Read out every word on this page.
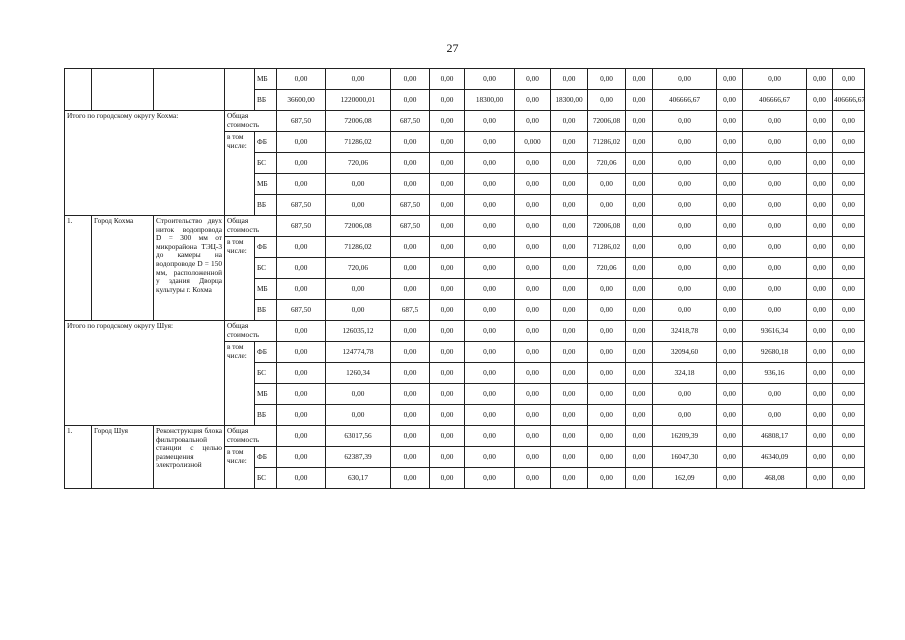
27
				МБ	0,00	0,00	0,00	0,00	0,00	0,00	0,00	0,00	0,00	0,00	0,00	0,00	0,00	0,00
				ВБ	36600,00	1220000,01	0,00	0,00	18300,00	0,00	18300,00	0,00	0,00	406666,67	0,00	406666,67	0,00	406666,67
Итого по городскому округу Кохма:			Общая стоимость		687,50	72006,08	687,50	0,00	0,00	0,00	0,00	72006,08	0,00	0,00	0,00	0,00	0,00	0,00
			в том числе:	ФБ	0,00	71286,02	0,00	0,00	0,00	0,000	0,00	71286,02	0,00	0,00	0,00	0,00	0,00	0,00
				БС	0,00	720,06	0,00	0,00	0,00	0,00	0,00	720,06	0,00	0,00	0,00	0,00	0,00	0,00
				МБ	0,00	0,00	0,00	0,00	0,00	0,00	0,00	0,00	0,00	0,00	0,00	0,00	0,00	0,00
				ВБ	687,50	0,00	687,50	0,00	0,00	0,00	0,00	0,00	0,00	0,00	0,00	0,00	0,00	0,00
1.	Город Кохма	Строительство двух ниток водопровода D = 300 мм от микрорайона ТЭЦ-3 до камеры на водопроводе D = 150 мм, расположенной у здания Дворца культуры г. Кохма	Общая стоимость		687,50	72006,08	687,50	0,00	0,00	0,00	0,00	72006,08	0,00	0,00	0,00	0,00	0,00	0,00
			в том числе:	ФБ	0,00	71286,02	0,00	0,00	0,00	0,00	0,00	71286,02	0,00	0,00	0,00	0,00	0,00	0,00
				БС	0,00	720,06	0,00	0,00	0,00	0,00	0,00	720,06	0,00	0,00	0,00	0,00	0,00	0,00
				МБ	0,00	0,00	0,00	0,00	0,00	0,00	0,00	0,00	0,00	0,00	0,00	0,00	0,00	0,00
				ВБ	687,50	0,00	687,5	0,00	0,00	0,00	0,00	0,00	0,00	0,00	0,00	0,00	0,00	0,00
Итого по городскому округу Шуя:			Общая стоимость		0,00	126035,12	0,00	0,00	0,00	0,00	0,00	0,00	0,00	32418,78	0,00	93616,34	0,00	0,00
			в том числе:	ФБ	0,00	124774,78	0,00	0,00	0,00	0,00	0,00	0,00	0,00	32094,60	0,00	92680,18	0,00	0,00
				БС	0,00	1260,34	0,00	0,00	0,00	0,00	0,00	0,00	0,00	324,18	0,00	936,16	0,00	0,00
				МБ	0,00	0,00	0,00	0,00	0,00	0,00	0,00	0,00	0,00	0,00	0,00	0,00	0,00	0,00
				ВБ	0,00	0,00	0,00	0,00	0,00	0,00	0,00	0,00	0,00	0,00	0,00	0,00	0,00	0,00
1.	Город Шуя	Реконструкция блока фильтровальной станции с целью размещения электролизной	Общая стоимость		0,00	63017,56	0,00	0,00	0,00	0,00	0,00	0,00	0,00	16209,39	0,00	46808,17	0,00	0,00
			в том числе:	ФБ	0,00	62387,39	0,00	0,00	0,00	0,00	0,00	0,00	0,00	16047,30	0,00	46340,09	0,00	0,00
				БС	0,00	630,17	0,00	0,00	0,00	0,00	0,00	0,00	0,00	162,09	0,00	468,08	0,00	0,00
